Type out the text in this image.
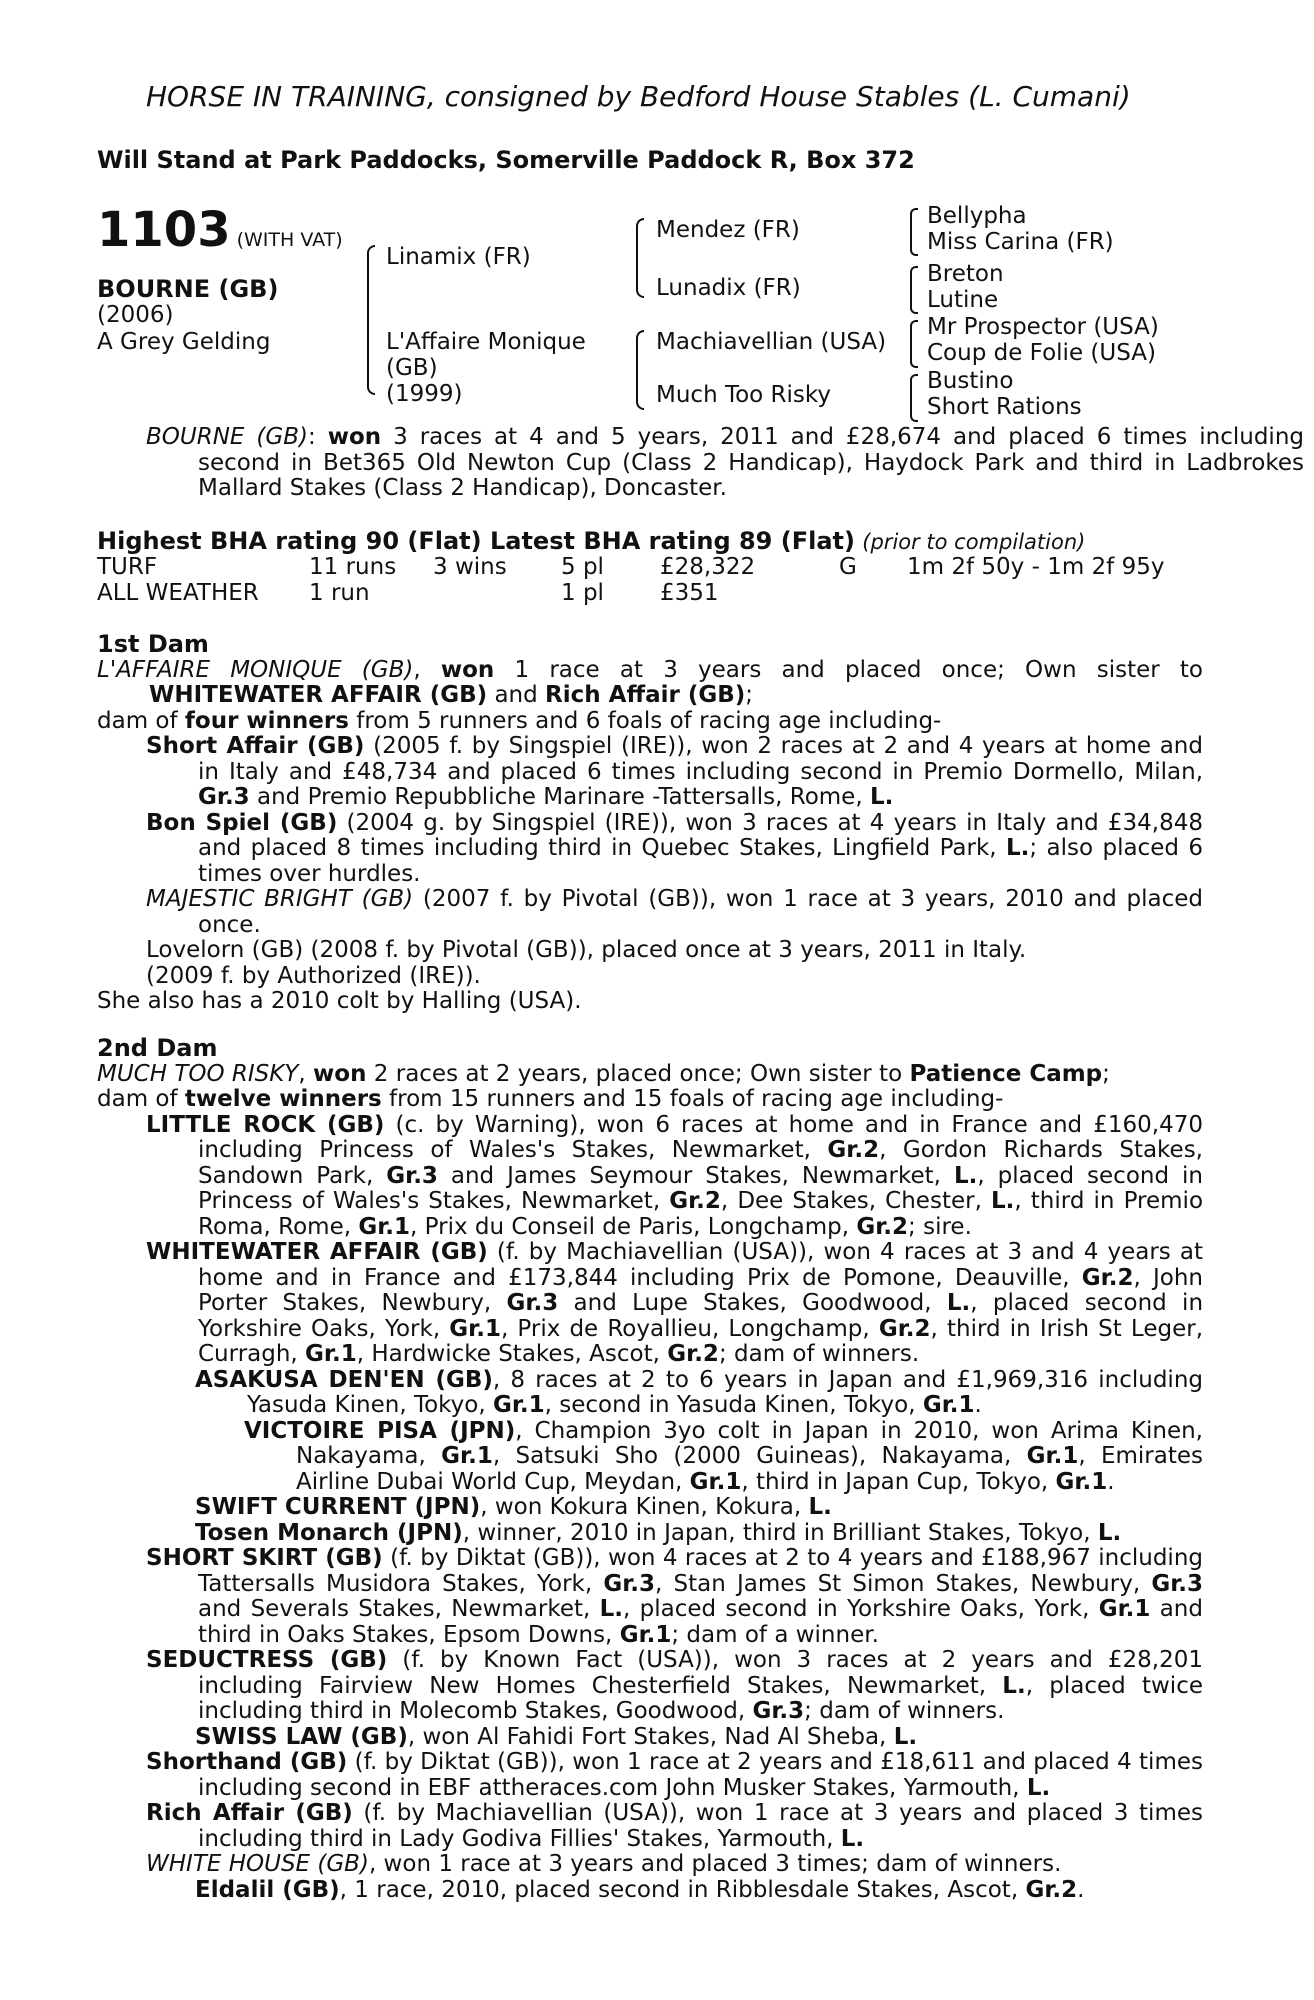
HORSE IN TRAINING, consigned by Bedford House Stables (L. Cumani)
Will Stand at Park Paddocks, Somerville Paddock R, Box 372
1103 (WITH VAT)
BOURNE (GB)
(2006)
A Grey Gelding
Linamix (FR)
L'Affaire Monique
(GB)
(1999)
Mendez (FR)
Lunadix (FR)
Machiavellian (USA)
Much Too Risky
Bellypha
Miss Carina (FR)
Breton
Lutine
Mr Prospector (USA)
Coup de Folie (USA)
Bustino
Short Rations
BOURNE (GB): won 3 races at 4 and 5 years, 2011 and £28,674 and placed 6 times including second in Bet365 Old Newton Cup (Class 2 Handicap), Haydock Park and third in Ladbrokes Mallard Stakes (Class 2 Handicap), Doncaster.
Highest BHA rating 90 (Flat) Latest BHA rating 89 (Flat) (prior to compilation)
TURF	11 runs 3 wins 5 pl £28,322	G 1m 2f 50y - 1m 2f 95y
ALL WEATHER 1 run	1 pl £351
1st Dam
L'AFFAIRE MONIQUE (GB), won 1 race at 3 years and placed once; Own sister to WHITEWATER AFFAIR (GB) and Rich Affair (GB);
dam of four winners from 5 runners and 6 foals of racing age including-
Short Affair (GB) (2005 f. by Singspiel (IRE)), won 2 races at 2 and 4 years at home and in Italy and £48,734 and placed 6 times including second in Premio Dormello, Milan, Gr.3 and Premio Repubbliche Marinare -Tattersalls, Rome, L.
Bon Spiel (GB) (2004 g. by Singspiel (IRE)), won 3 races at 4 years in Italy and £34,848 and placed 8 times including third in Quebec Stakes, Lingfield Park, L.; also placed 6 times over hurdles.
MAJESTIC BRIGHT (GB) (2007 f. by Pivotal (GB)), won 1 race at 3 years, 2010 and placed once.
Lovelorn (GB) (2008 f. by Pivotal (GB)), placed once at 3 years, 2011 in Italy.
(2009 f. by Authorized (IRE)).
She also has a 2010 colt by Halling (USA).
2nd Dam
MUCH TOO RISKY, won 2 races at 2 years, placed once; Own sister to Patience Camp;
dam of twelve winners from 15 runners and 15 foals of racing age including-
LITTLE ROCK (GB) (c. by Warning), won 6 races at home and in France and £160,470 including Princess of Wales's Stakes, Newmarket, Gr.2, Gordon Richards Stakes, Sandown Park, Gr.3 and James Seymour Stakes, Newmarket, L., placed second in Princess of Wales's Stakes, Newmarket, Gr.2, Dee Stakes, Chester, L., third in Premio Roma, Rome, Gr.1, Prix du Conseil de Paris, Longchamp, Gr.2; sire.
WHITEWATER AFFAIR (GB) (f. by Machiavellian (USA)), won 4 races at 3 and 4 years at home and in France and £173,844 including Prix de Pomone, Deauville, Gr.2, John Porter Stakes, Newbury, Gr.3 and Lupe Stakes, Goodwood, L., placed second in Yorkshire Oaks, York, Gr.1, Prix de Royallieu, Longchamp, Gr.2, third in Irish St Leger, Curragh, Gr.1, Hardwicke Stakes, Ascot, Gr.2; dam of winners.
ASAKUSA DEN'EN (GB), 8 races at 2 to 6 years in Japan and £1,969,316 including Yasuda Kinen, Tokyo, Gr.1, second in Yasuda Kinen, Tokyo, Gr.1.
VICTOIRE PISA (JPN), Champion 3yo colt in Japan in 2010, won Arima Kinen, Nakayama, Gr.1, Satsuki Sho (2000 Guineas), Nakayama, Gr.1, Emirates Airline Dubai World Cup, Meydan, Gr.1, third in Japan Cup, Tokyo, Gr.1.
SWIFT CURRENT (JPN), won Kokura Kinen, Kokura, L.
Tosen Monarch (JPN), winner, 2010 in Japan, third in Brilliant Stakes, Tokyo, L.
SHORT SKIRT (GB) (f. by Diktat (GB)), won 4 races at 2 to 4 years and £188,967 including Tattersalls Musidora Stakes, York, Gr.3, Stan James St Simon Stakes, Newbury, Gr.3 and Severals Stakes, Newmarket, L., placed second in Yorkshire Oaks, York, Gr.1 and third in Oaks Stakes, Epsom Downs, Gr.1; dam of a winner.
SEDUCTRESS (GB) (f. by Known Fact (USA)), won 3 races at 2 years and £28,201 including Fairview New Homes Chesterfield Stakes, Newmarket, L., placed twice including third in Molecomb Stakes, Goodwood, Gr.3; dam of winners.
SWISS LAW (GB), won Al Fahidi Fort Stakes, Nad Al Sheba, L.
Shorthand (GB) (f. by Diktat (GB)), won 1 race at 2 years and £18,611 and placed 4 times including second in EBF attheraces.com John Musker Stakes, Yarmouth, L.
Rich Affair (GB) (f. by Machiavellian (USA)), won 1 race at 3 years and placed 3 times including third in Lady Godiva Fillies' Stakes, Yarmouth, L.
WHITE HOUSE (GB), won 1 race at 3 years and placed 3 times; dam of winners.
Eldalil (GB), 1 race, 2010, placed second in Ribblesdale Stakes, Ascot, Gr.2.
